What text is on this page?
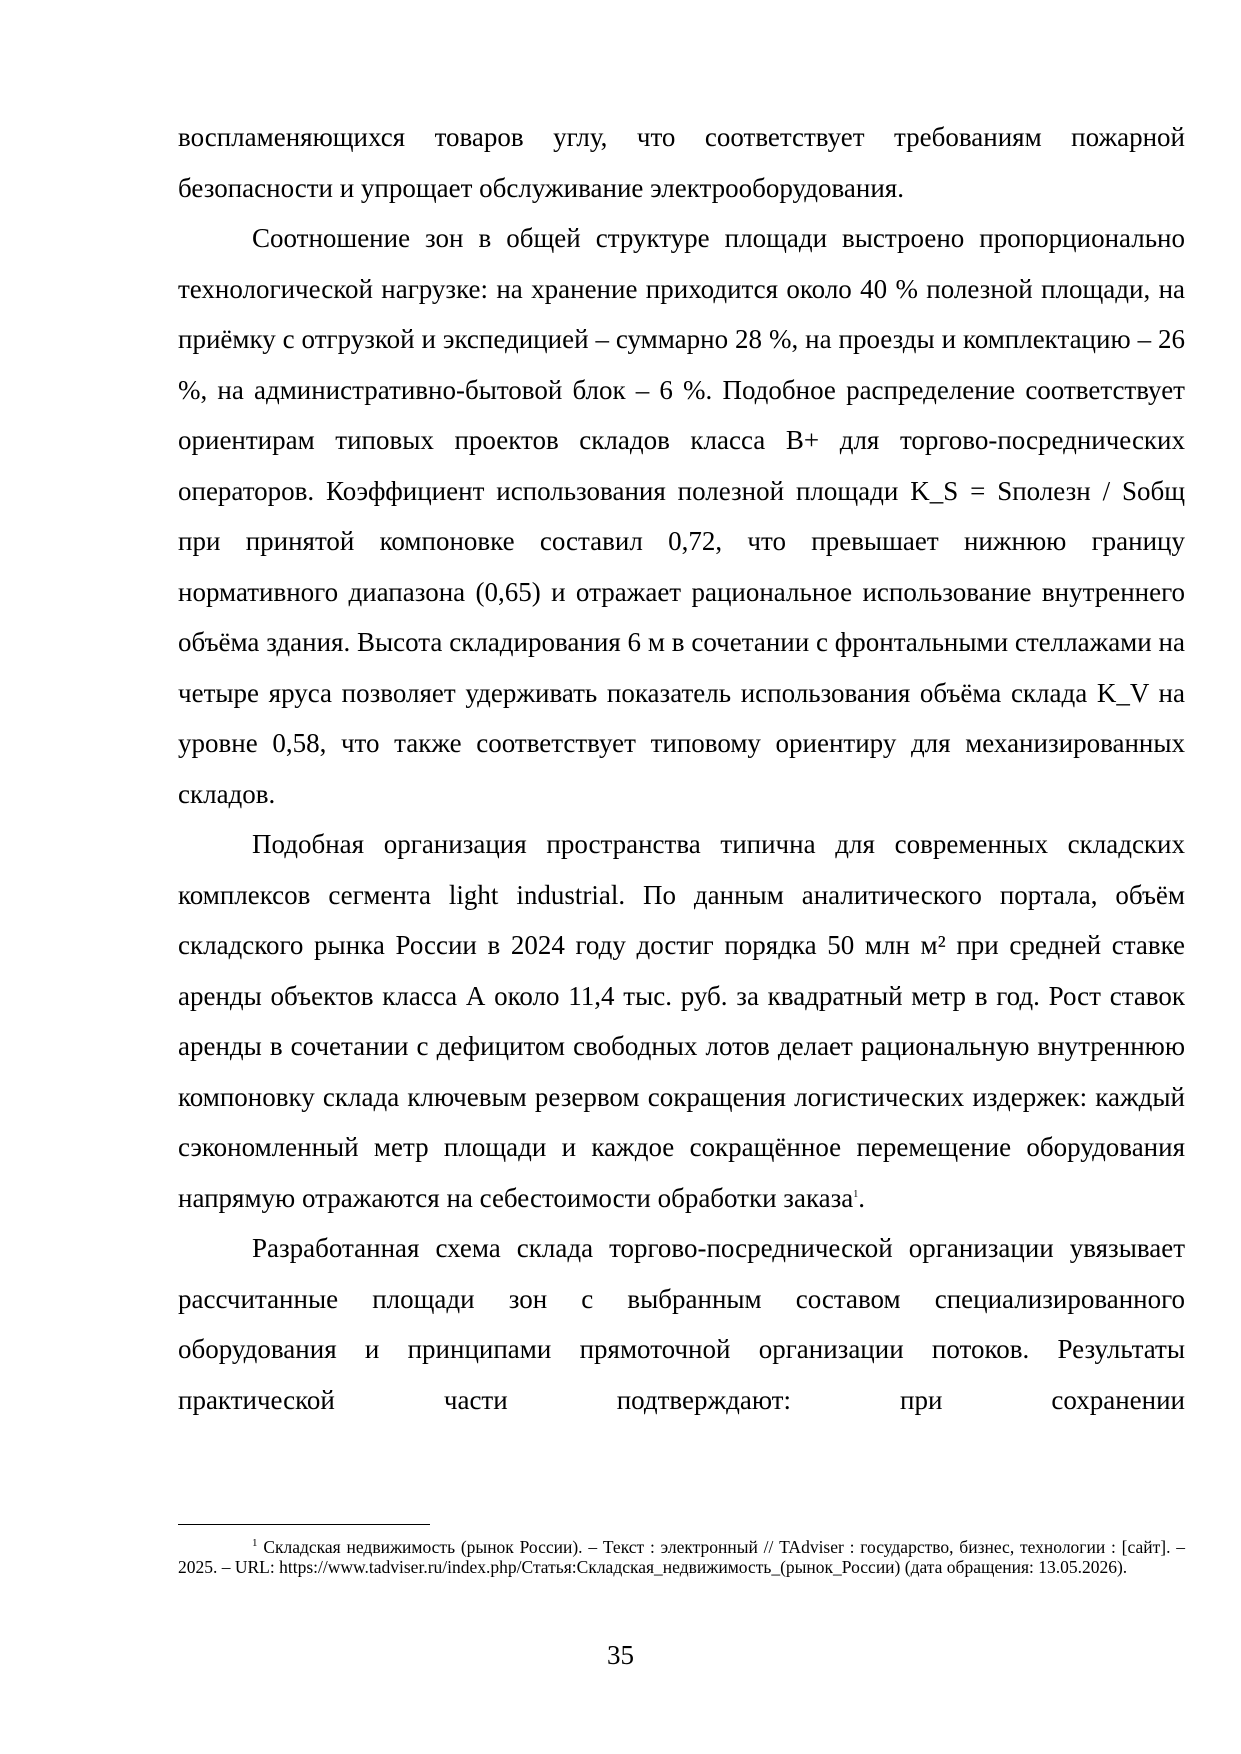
воспламеняющихся товаров углу, что соответствует требованиям пожарной безопасности и упрощает обслуживание электрооборудования.

Соотношение зон в общей структуре площади выстроено пропорционально технологической нагрузке: на хранение приходится около 40 % полезной площади, на приёмку с отгрузкой и экспедицией – суммарно 28 %, на проезды и комплектацию – 26 %, на административно-бытовой блок – 6 %. Подобное распределение соответствует ориентирам типовых проектов складов класса В+ для торгово-посреднических операторов. Коэффициент использования полезной площади K_S = Sполезн / Sобщ при принятой компоновке составил 0,72, что превышает нижнюю границу нормативного диапазона (0,65) и отражает рациональное использование внутреннего объёма здания. Высота складирования 6 м в сочетании с фронтальными стеллажами на четыре яруса позволяет удерживать показатель использования объёма склада K_V на уровне 0,58, что также соответствует типовому ориентиру для механизированных складов.

Подобная организация пространства типична для современных складских комплексов сегмента light industrial. По данным аналитического портала, объём складского рынка России в 2024 году достиг порядка 50 млн м² при средней ставке аренды объектов класса А около 11,4 тыс. руб. за квадратный метр в год. Рост ставок аренды в сочетании с дефицитом свободных лотов делает рациональную внутреннюю компоновку склада ключевым резервом сокращения логистических издержек: каждый сэкономленный метр площади и каждое сокращённое перемещение оборудования напрямую отражаются на себестоимости обработки заказа$^1$.

Разработанная схема склада торгово-посреднической организации увязывает рассчитанные площади зон с выбранным составом специализированного оборудования и принципами прямоточной организации потоков. Результаты практической части подтверждают: при сохранении

$^1$ Складская недвижимость (рынок России). – Текст : электронный // TAdviser : государство, бизнес, технологии : [сайт]. – 2025. – URL: https://www.tadviser.ru/index.php/Статья:Складская_недвижимость_(рынок_России) (дата обращения: 13.05.2026).

35
